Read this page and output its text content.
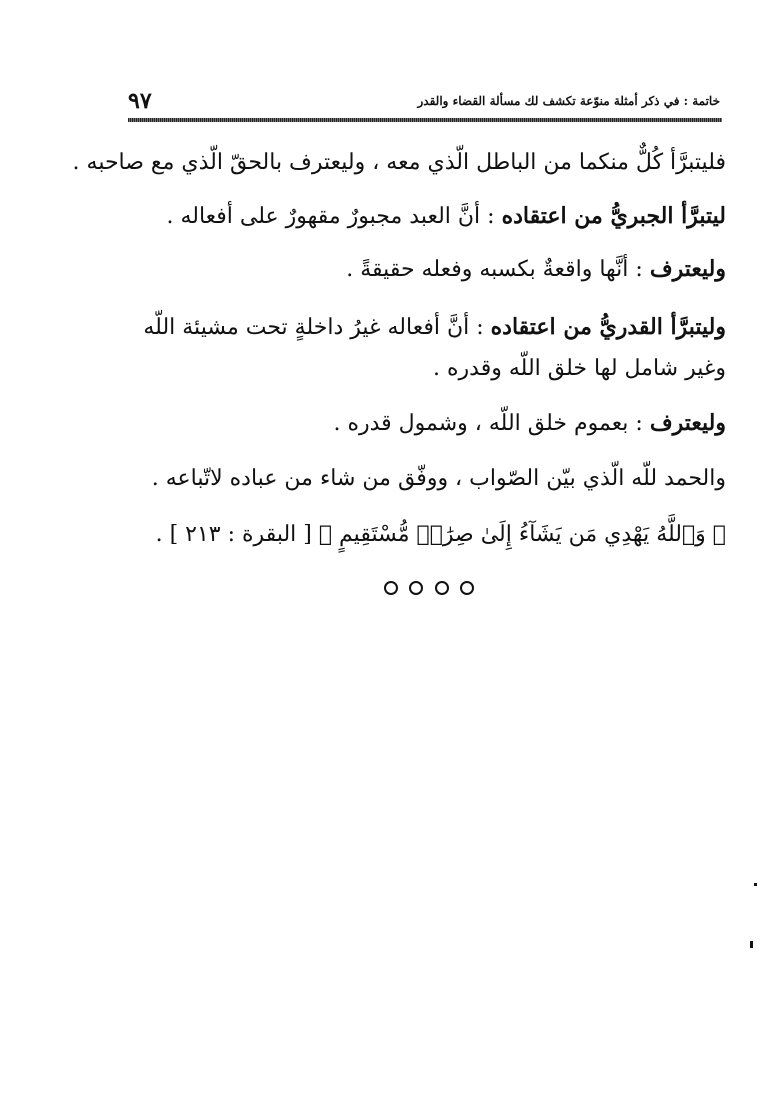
خاتمة : في ذكر أمثلة منوّعة تكشف لك مسألة القضاء والقدر
٩٧

فليتبرَّأ كُلٌّ منكما من الباطل الّذي معه ، وليعترف بالحقّ الّذي مع صاحبه .

ليتبرَّأ الجبريُّ من اعتقاده : أنَّ العبد مجبورٌ مقهورٌ على أفعاله .

وليعترف : أنَّها واقعةٌ بكسبه وفعله حقيقةً .

وليتبرَّأ القدريُّ من اعتقاده : أنَّ أفعاله غيرُ داخلةٍ تحت مشيئة اللّه

وغير شامل لها خلق اللّه وقدره .

وليعترف : بعموم خلق اللّه ، وشمول قدره .

والحمد للّه الّذي بيّن الصّواب ، ووفّق من شاء من عباده لاتّباعه .

﴿ وَٱللَّهُ يَهْدِي مَن يَشَآءُ إِلَىٰ صِرَٰطٖ مُّسْتَقِيمٍ ﴾ [ البقرة : ٢١٣ ] .
